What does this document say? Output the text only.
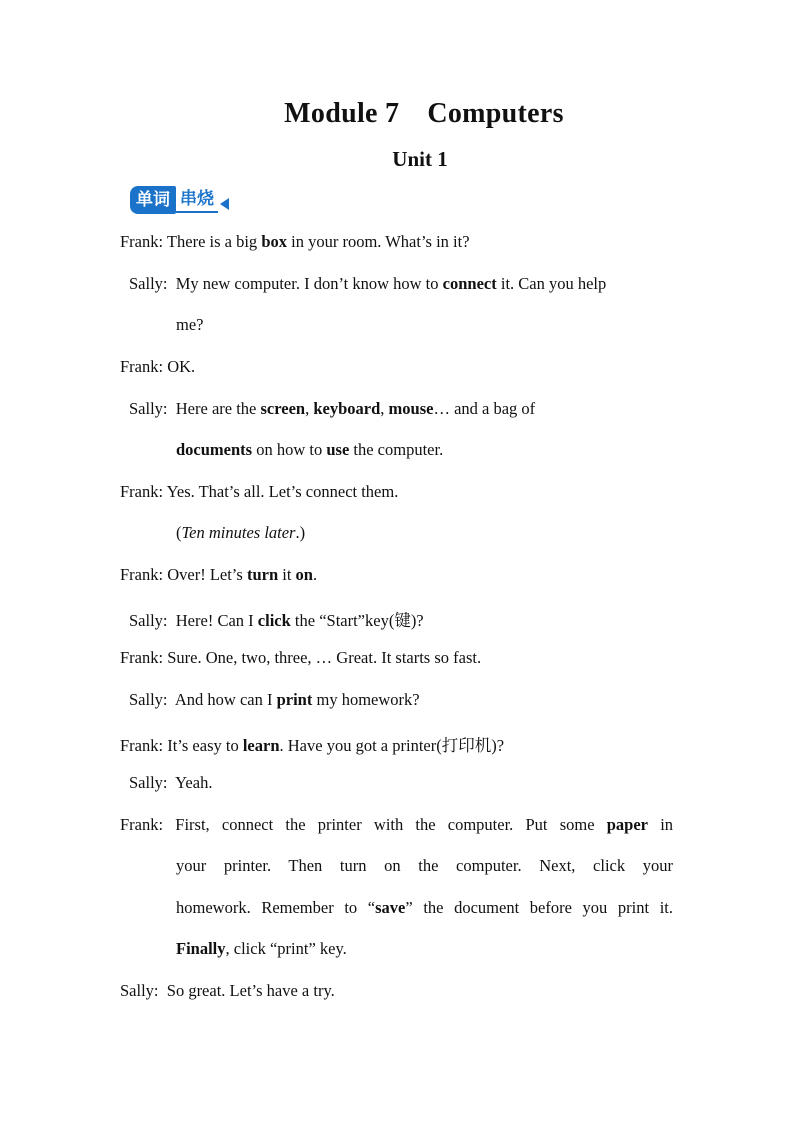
Module 7 Computers
Unit 1
单词 串烧
Frank: There is a big box in your room. What’s in it?
Sally: My new computer. I don’t know how to connect it. Can you help
me?
Frank: OK.
Sally: Here are the screen, keyboard, mouse… and a bag of
documents on how to use the computer.
Frank: Yes. That’s all. Let’s connect them.
(Ten minutes later.)
Frank: Over! Let’s turn it on.
Sally: Here! Can I click the “Start”key(键)?
Frank: Sure. One, two, three, … Great. It starts so fast.
Sally: And how can I print my homework?
Frank: It’s easy to learn. Have you got a printer(打印机)?
Sally: Yeah.
Frank: First, connect the printer with the computer. Put some paper in
your printer. Then turn on the computer. Next, click your
homework. Remember to “save” the document before you print it.
Finally, click “print” key.
Sally: So great. Let’s have a try.
